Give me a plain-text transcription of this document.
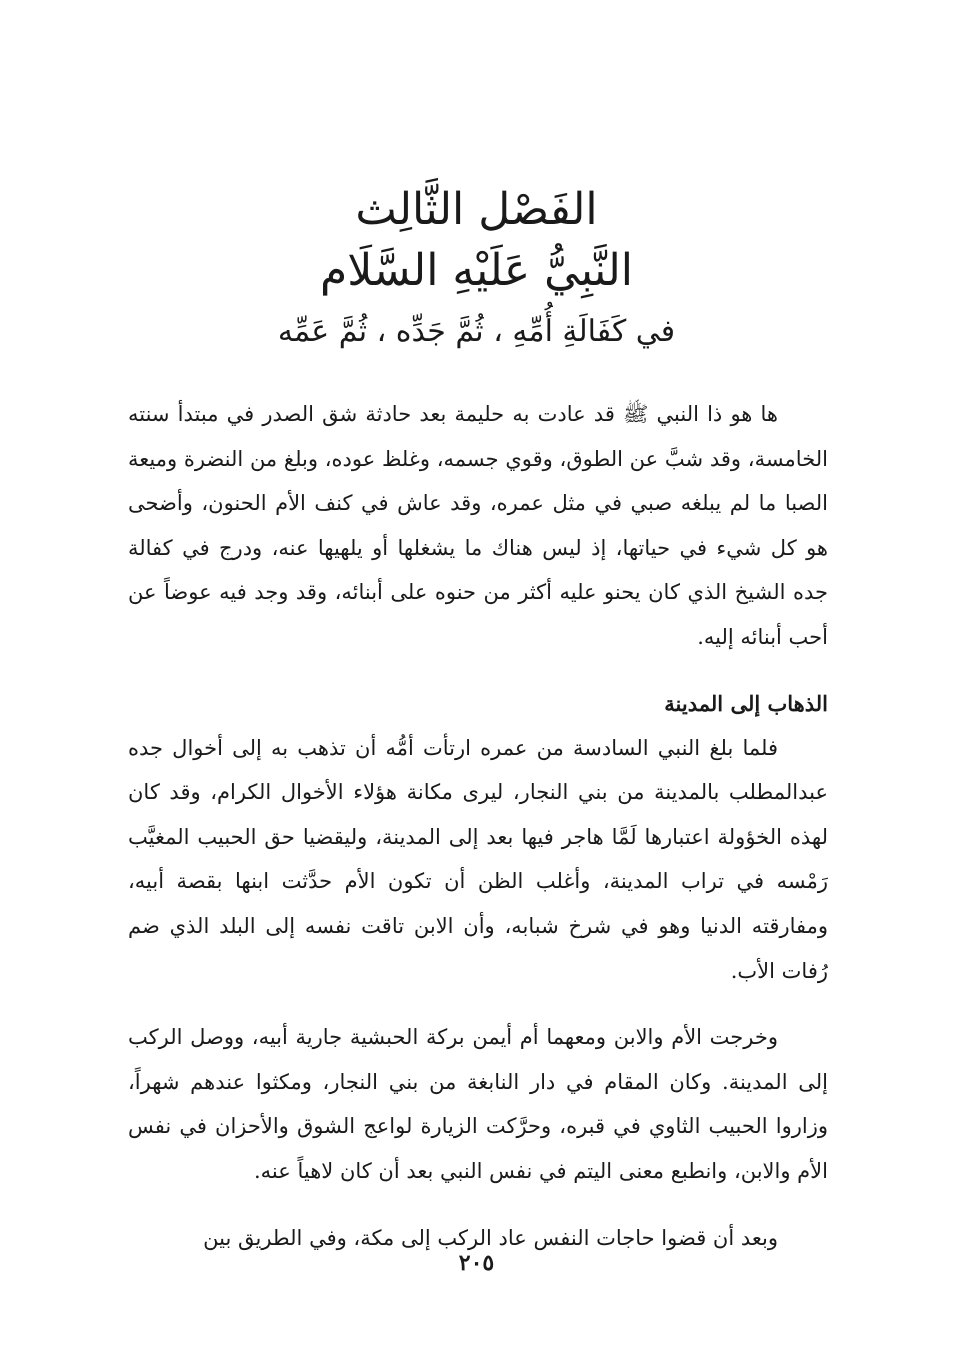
الفَصْل الثَّالِث
النَّبِيُّ عَلَيْهِ السَّلَام
في كَفَالَةِ أُمِّهِ ، ثُمَّ جَدِّه ، ثُمَّ عَمِّه

ها هو ذا النبي ﷺ قد عادت به حليمة بعد حادثة شق الصدر في مبتدأ سنته الخامسة، وقد شبَّ عن الطوق، وقوي جسمه، وغلظ عوده، وبلغ من النضرة وميعة الصبا ما لم يبلغه صبي في مثل عمره، وقد عاش في كنف الأم الحنون، وأضحى هو كل شيء في حياتها، إذ ليس هناك ما يشغلها أو يلهيها عنه، ودرج في كفالة جده الشيخ الذي كان يحنو عليه أكثر من حنوه على أبنائه، وقد وجد فيه عوضاً عن أحب أبنائه إليه.

الذهاب إلى المدينة

فلما بلغ النبي السادسة من عمره ارتأت أمُّه أن تذهب به إلى أخوال جده عبدالمطلب بالمدينة من بني النجار، ليرى مكانة هؤلاء الأخوال الكرام، وقد كان لهذه الخؤولة اعتبارها لَمَّا هاجر فيها بعد إلى المدينة، وليقضيا حق الحبيب المغيَّب رَمْسه في تراب المدينة، وأغلب الظن أن تكون الأم حدَّثت ابنها بقصة أبيه، ومفارقته الدنيا وهو في شرخ شبابه، وأن الابن تاقت نفسه إلى البلد الذي ضم رُفات الأب.

وخرجت الأم والابن ومعهما أم أيمن بركة الحبشية جارية أبيه، ووصل الركب إلى المدينة. وكان المقام في دار النابغة من بني النجار، ومكثوا عندهم شهراً، وزاروا الحبيب الثاوي في قبره، وحرَّكت الزيارة لواعج الشوق والأحزان في نفس الأم والابن، وانطبع معنى اليتم في نفس النبي بعد أن كان لاهياً عنه.

وبعد أن قضوا حاجات النفس عاد الركب إلى مكة، وفي الطريق بين

٢٠٥
